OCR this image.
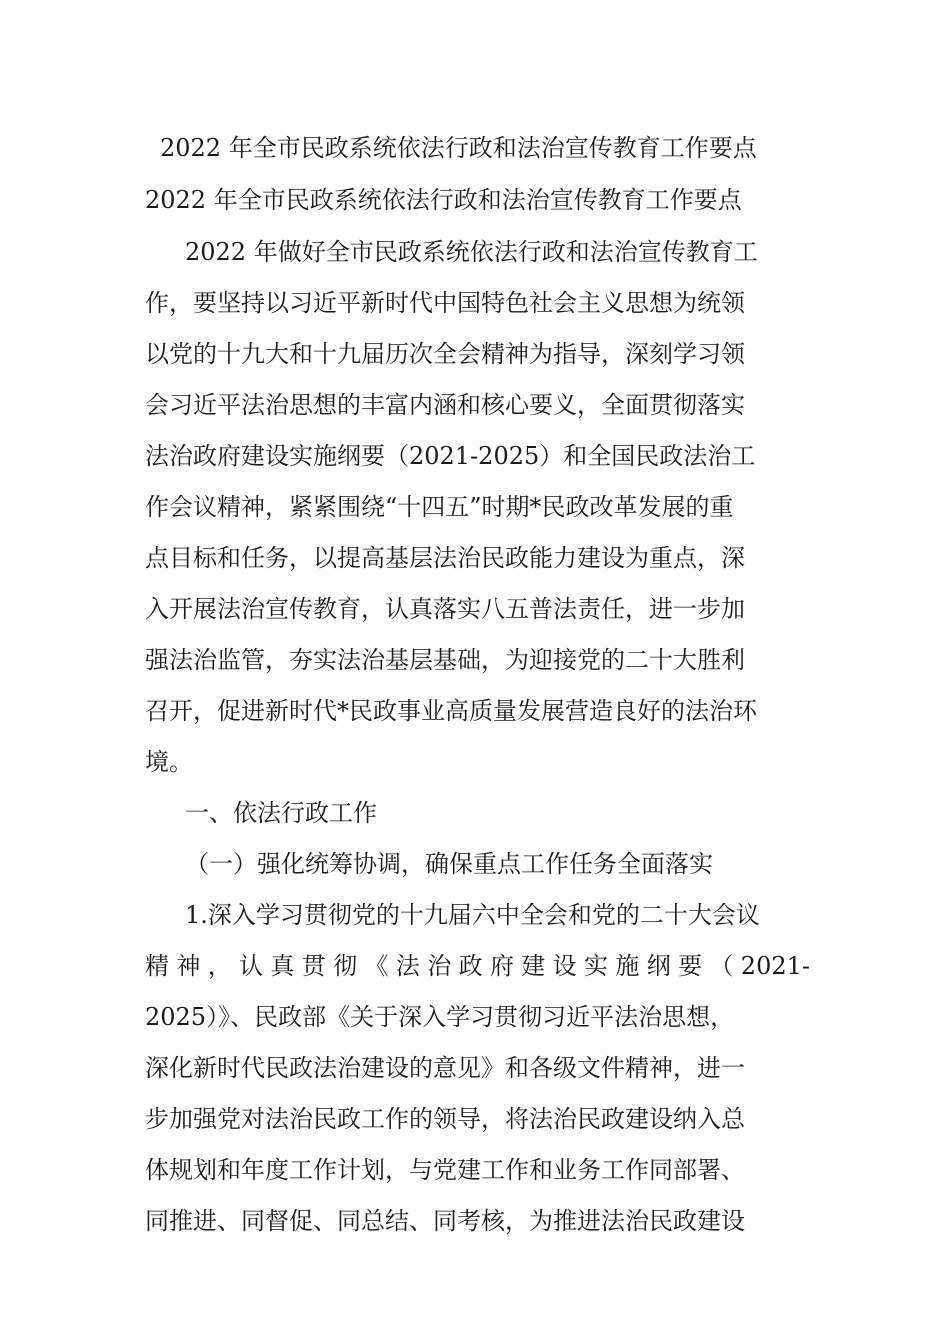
2022 年全市民政系统依法行政和法治宣传教育工作要点
2022 年全市民政系统依法行政和法治宣传教育工作要点
2022 年做好全市民政系统依法行政和法治宣传教育工
作，要坚持以习近平新时代中国特色社会主义思想为统领
以党的十九大和十九届历次全会精神为指导，深刻学习领
会习近平法治思想的丰富内涵和核心要义，全面贯彻落实
法治政府建设实施纲要（2021-2025）和全国民政法治工
作会议精神，紧紧围绕“十四五”时期*民政改革发展的重
点目标和任务，以提高基层法治民政能力建设为重点，深
入开展法治宣传教育，认真落实八五普法责任，进一步加
强法治监管，夯实法治基层基础，为迎接党的二十大胜利
召开，促进新时代*民政事业高质量发展营造良好的法治环
境。
一、依法行政工作
（一）强化统筹协调，确保重点工作任务全面落实
1.深入学习贯彻党的十九届六中全会和党的二十大会议
精神，认真贯彻《法治政府建设实施纲要（2021-
2025）》、民政部《关于深入学习贯彻习近平法治思想，
深化新时代民政法治建设的意见》和各级文件精神，进一
步加强党对法治民政工作的领导，将法治民政建设纳入总
体规划和年度工作计划，与党建工作和业务工作同部署、
同推进、同督促、同总结、同考核，为推进法治民政建设
